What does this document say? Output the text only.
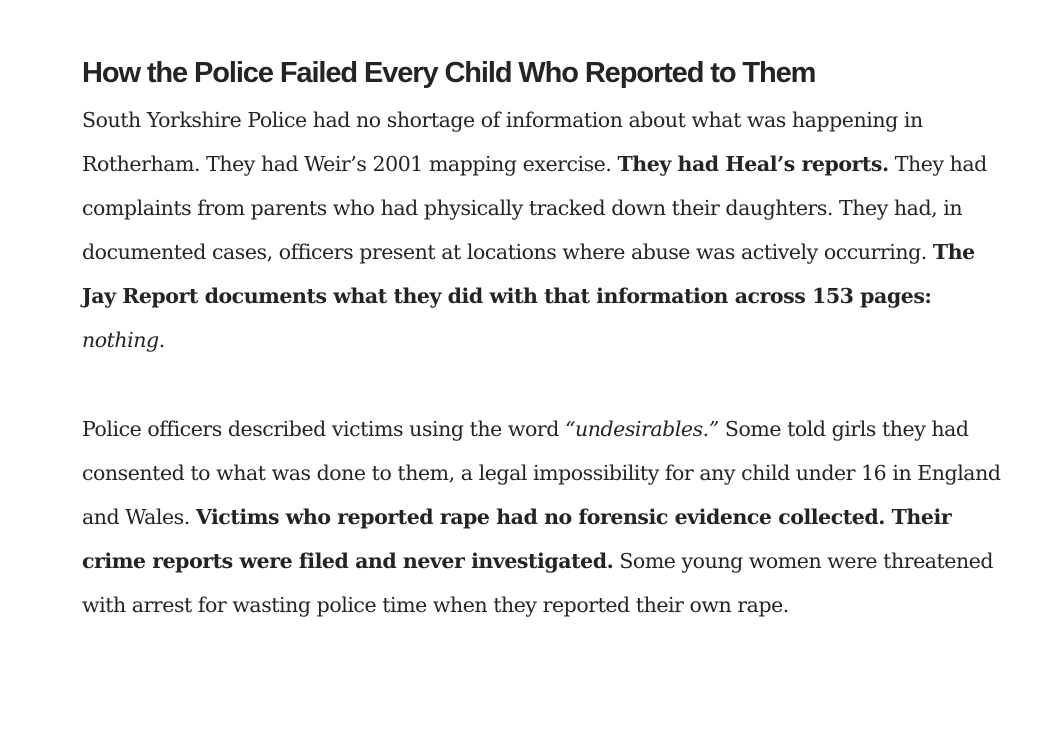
How the Police Failed Every Child Who Reported to Them

South Yorkshire Police had no shortage of information about what was happening in Rotherham. They had Weir’s 2001 mapping exercise. They had Heal’s reports. They had complaints from parents who had physically tracked down their daughters. They had, in documented cases, officers present at locations where abuse was actively occurring. The Jay Report documents what they did with that information across 153 pages: nothing.

Police officers described victims using the word “undesirables.” Some told girls they had consented to what was done to them, a legal impossibility for any child under 16 in England and Wales. Victims who reported rape had no forensic evidence collected. Their crime reports were filed and never investigated. Some young women were threatened with arrest for wasting police time when they reported their own rape.
